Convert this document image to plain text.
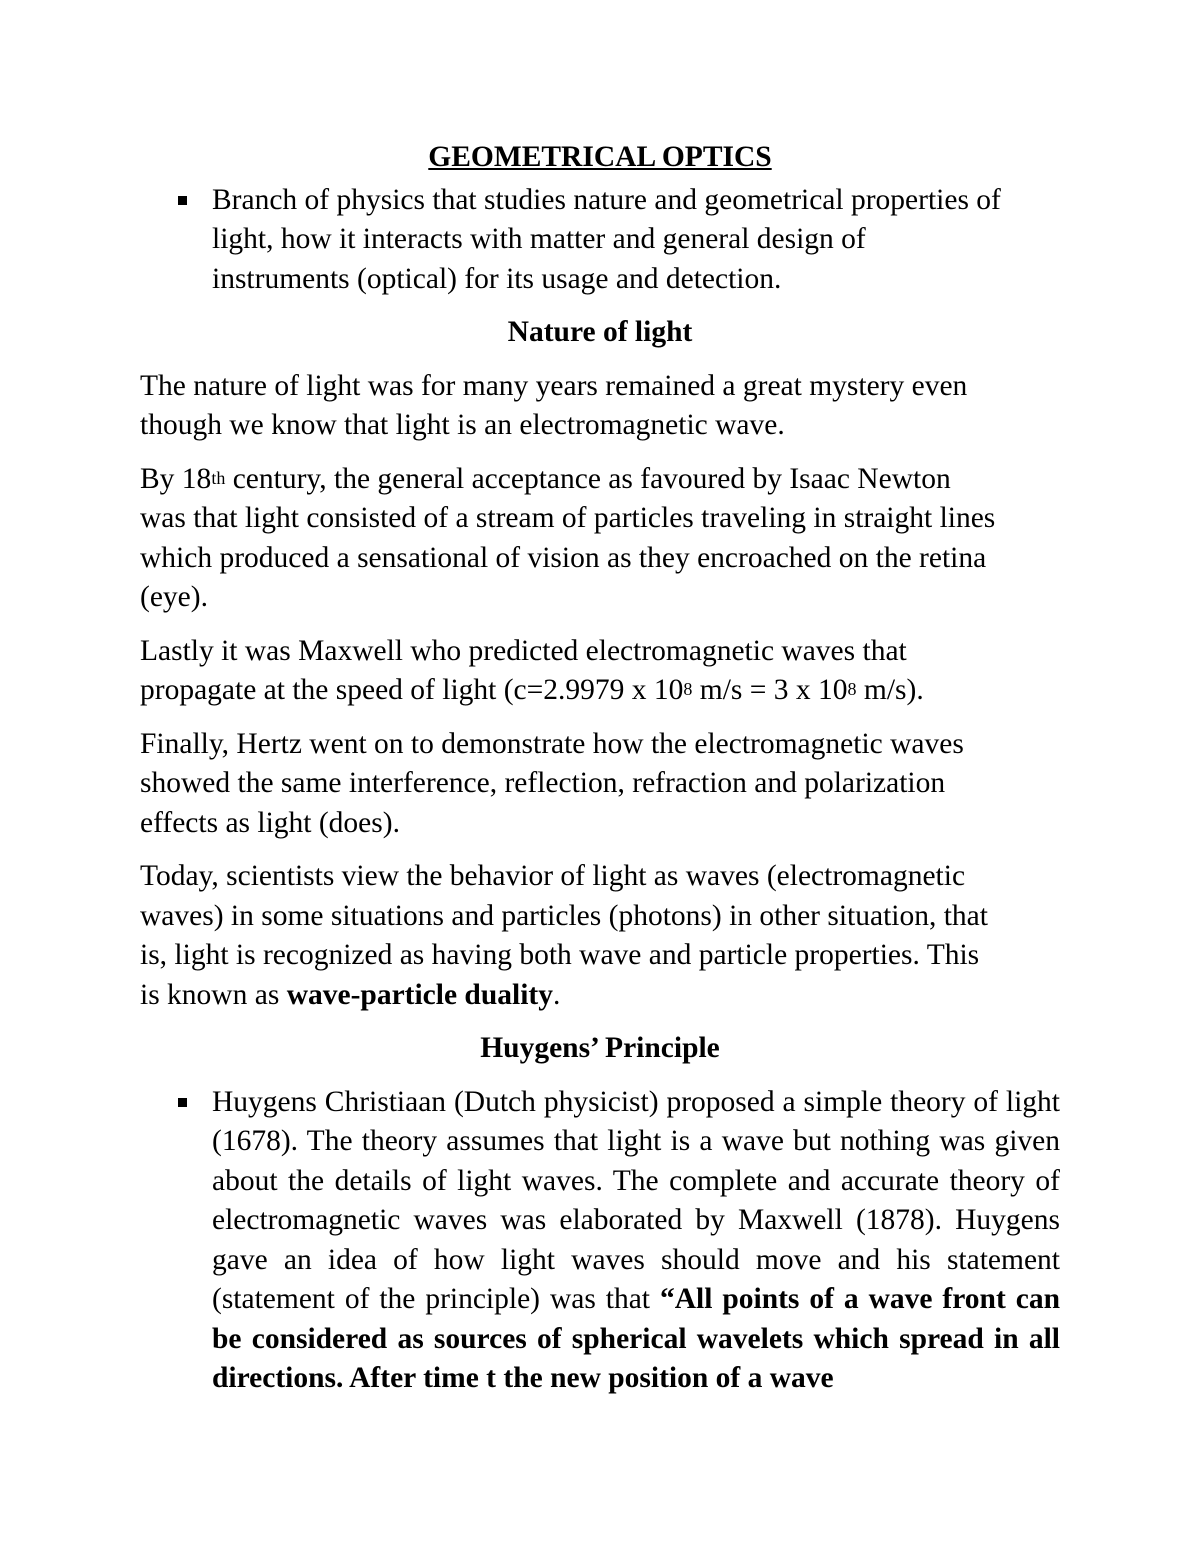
GEOMETRICAL OPTICS
Branch of physics that studies nature and geometrical properties of
light, how it interacts with matter and general design of
instruments (optical) for its usage and detection.
Nature of light

The nature of light was for many years remained a great mystery even
though we know that light is an electromagnetic wave.

By 18th century, the general acceptance as favoured by Isaac Newton
was that light consisted of a stream of particles traveling in straight lines
which produced a sensational of vision as they encroached on the retina
(eye).

Lastly it was Maxwell who predicted electromagnetic waves that
propagate at the speed of light (c=2.9979 x $10^8$ m/s = 3 x $10^8$ m/s).

Finally, Hertz went on to demonstrate how the electromagnetic waves
showed the same interference, reflection, refraction and polarization
effects as light (does).

Today, scientists view the behavior of light as waves (electromagnetic
waves) in some situations and particles (photons) in other situation, that
is, light is recognized as having both wave and particle properties. This
is known as wave-particle duality.

Huygens’ Principle
Huygens Christiaan (Dutch physicist) proposed a simple theory of light (1678). The theory assumes that light is a wave but nothing was given about the details of light waves. The complete and accurate theory of electromagnetic waves was elaborated by Maxwell (1878). Huygens gave an idea of how light waves should move and his statement (statement of the principle) was that “All points of a wave front can be considered as sources of spherical wavelets which spread in all directions. After time t the new position of a wave
